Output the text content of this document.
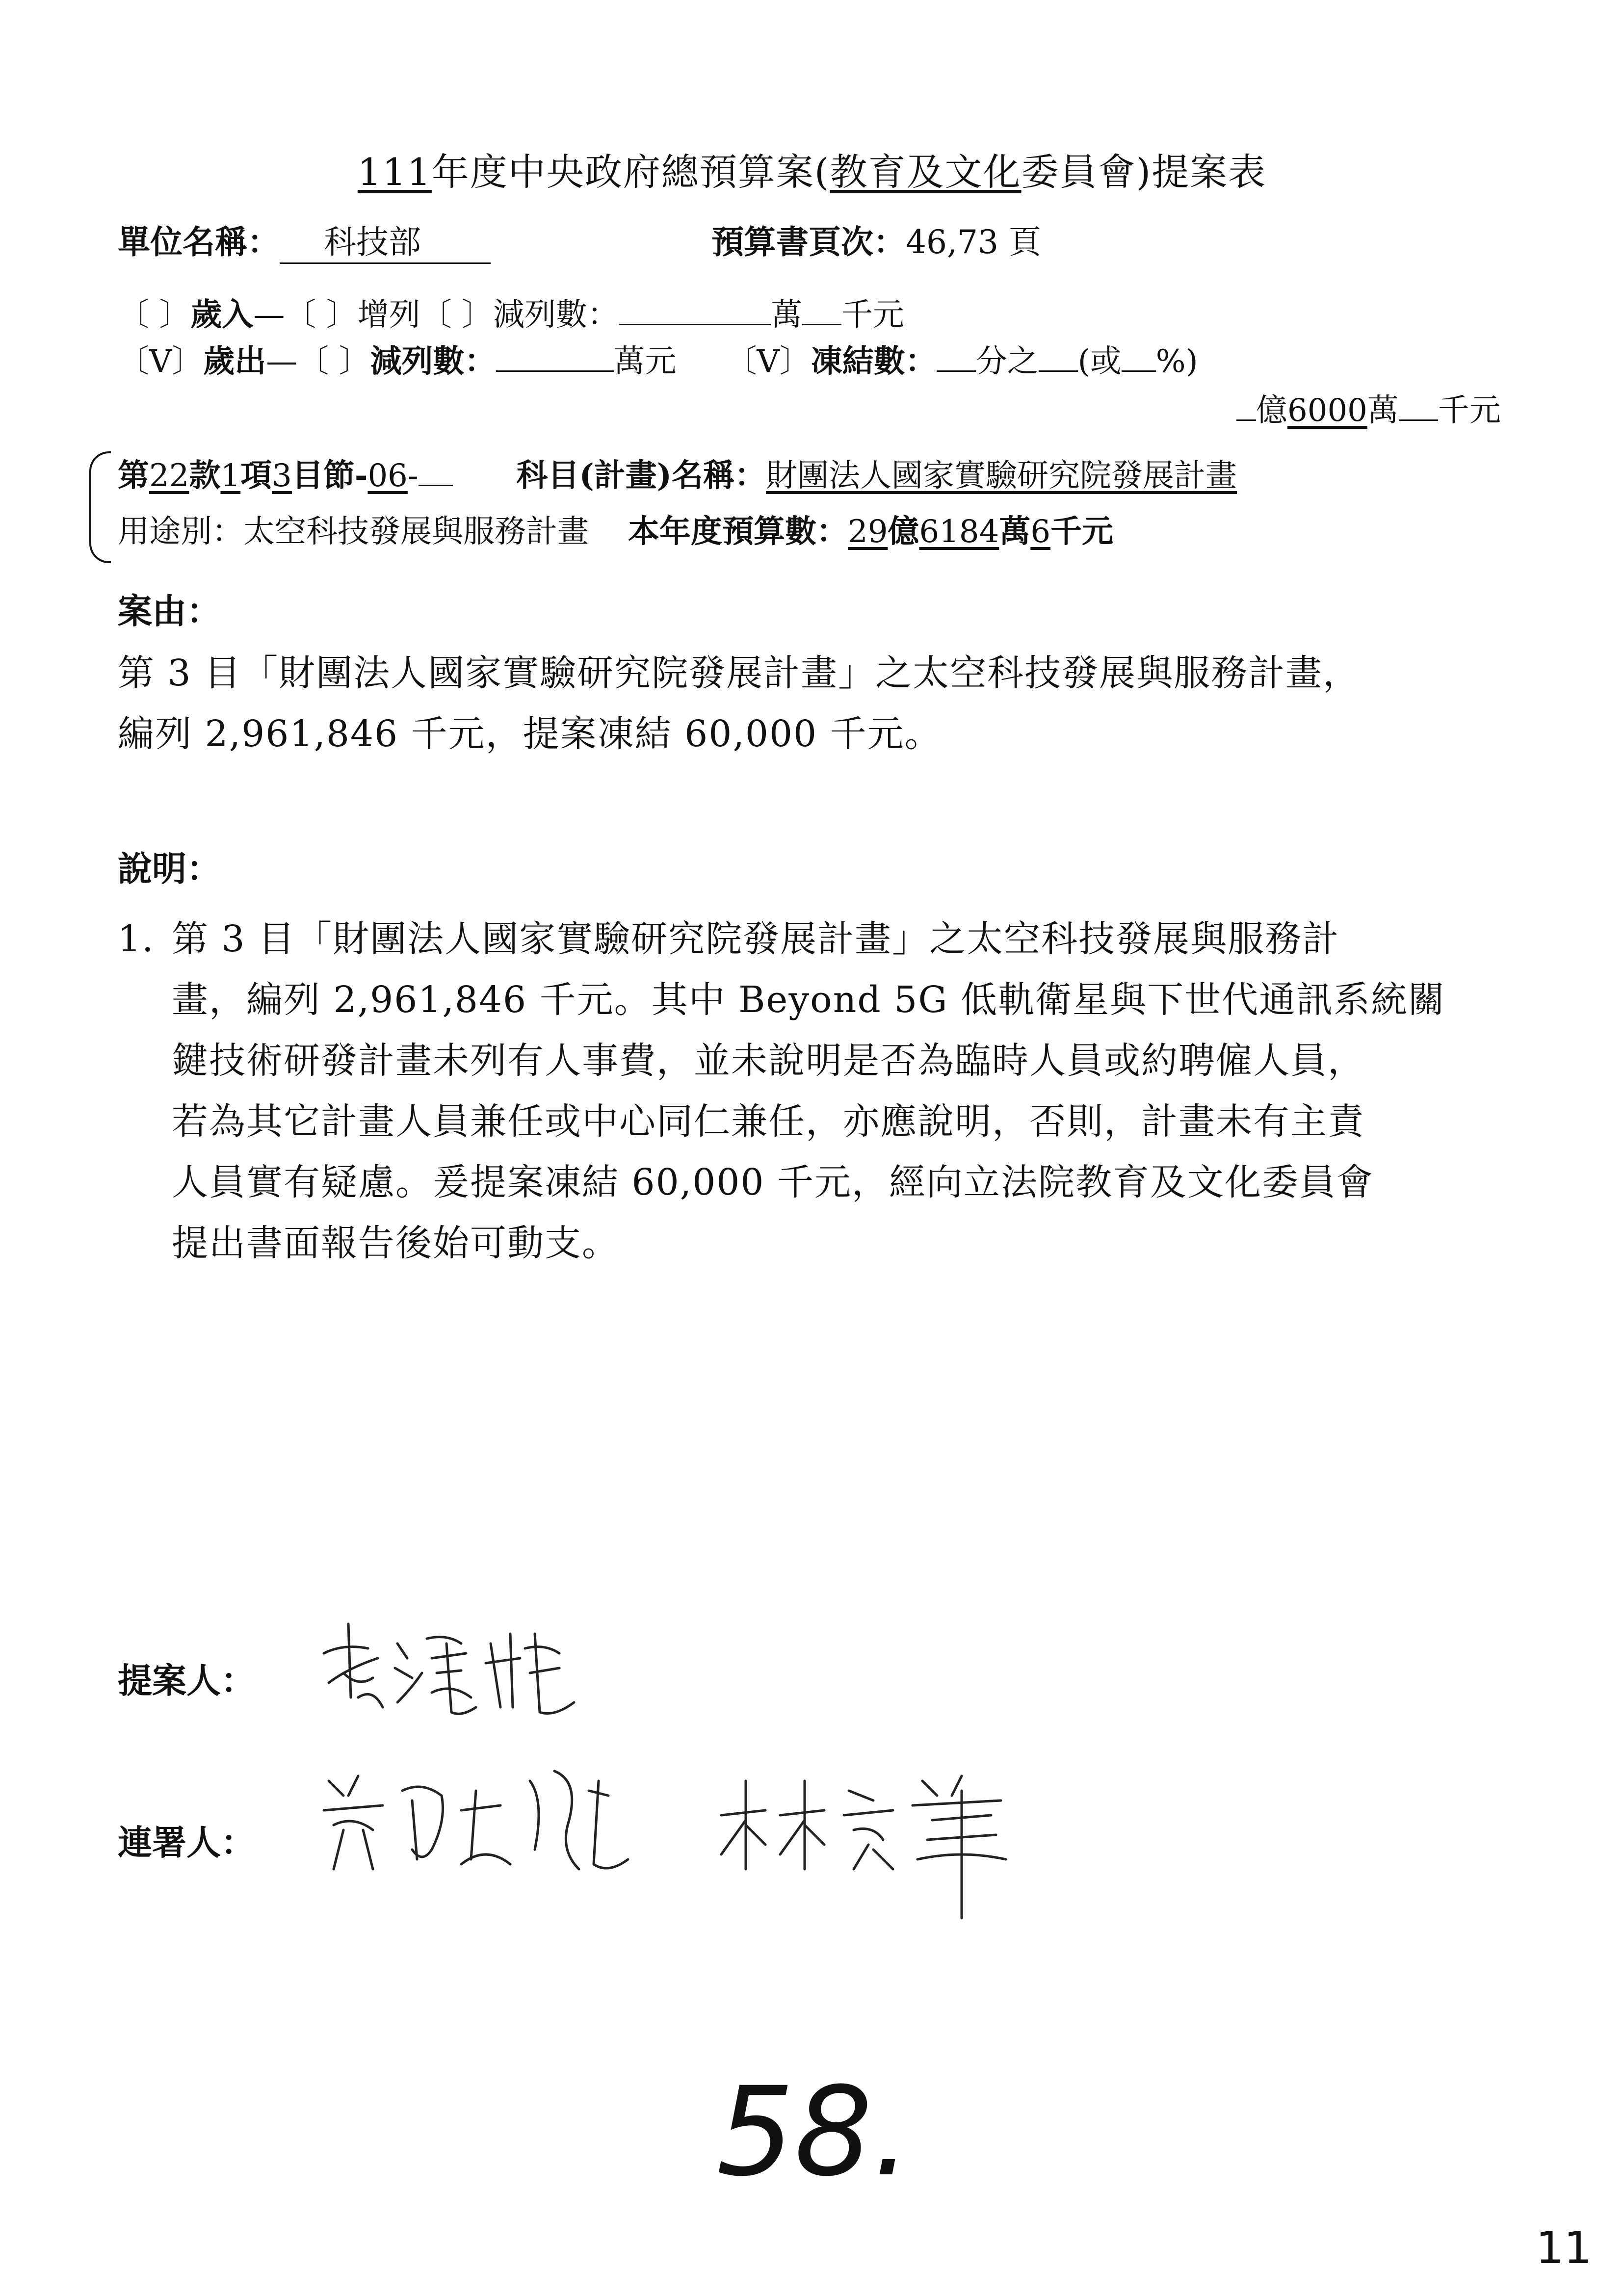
111年度中央政府總預算案(教育及文化委員會)提案表
單位名稱： 科技部	預算書頁次：46,73 頁
〔 〕歲入—〔 〕增列〔 〕減列數：	萬 千元
〔V〕歲出—〔 〕減列數：	萬元 〔V〕凍結數： 分之 (或 %)
億6000萬 千元
第22款1項3目節-06-	科目(計畫)名稱：財團法人國家實驗研究院發展計畫
用途別：太空科技發展與服務計畫 本年度預算數：29億6184萬6千元
案由：
第 3 目「財團法人國家實驗研究院發展計畫」之太空科技發展與服務計畫，
編列 2,961,846 千元，提案凍結 60,000 千元。
說明：
1. 第 3 目「財團法人國家實驗研究院發展計畫」之太空科技發展與服務計
畫，編列 2,961,846 千元。其中 Beyond 5G 低軌衛星與下世代通訊系統關
鍵技術研發計畫未列有人事費，並未說明是否為臨時人員或約聘僱人員，
若為其它計畫人員兼任或中心同仁兼任，亦應說明，否則，計畫未有主責
人員實有疑慮。爰提案凍結 60,000 千元，經向立法院教育及文化委員會
提出書面報告後始可動支。
提案人：
連署人：
58.
11
